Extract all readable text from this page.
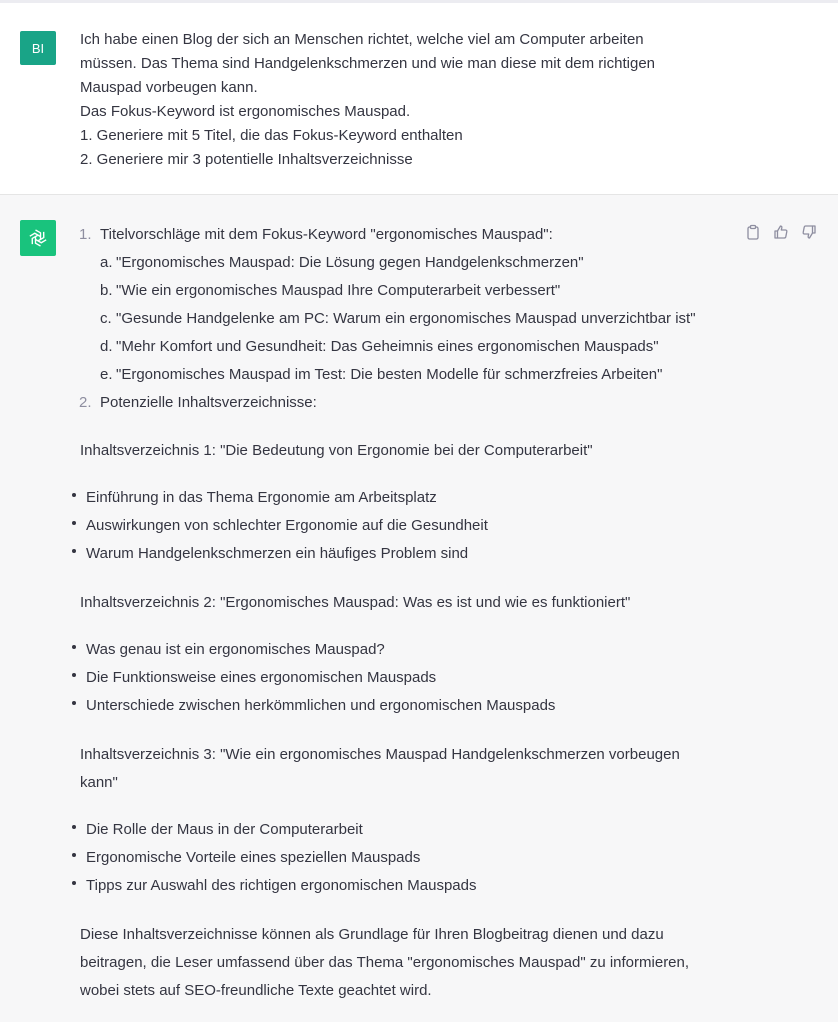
BI Ich habe einen Blog der sich an Menschen richtet, welche viel am Computer arbeiten
müssen. Das Thema sind Handgelenkschmerzen und wie man diese mit dem richtigen
Mauspad vorbeugen kann.
Das Fokus-Keyword ist ergonomisches Mauspad.
1. Generiere mit 5 Titel, die das Fokus-Keyword enthalten
2. Generiere mir 3 potentielle Inhaltsverzeichnisse
1. Titelvorschläge mit dem Fokus-Keyword "ergonomisches Mauspad":
a. "Ergonomisches Mauspad: Die Lösung gegen Handgelenkschmerzen"
b. "Wie ein ergonomisches Mauspad Ihre Computerarbeit verbessert"
c. "Gesunde Handgelenke am PC: Warum ein ergonomisches Mauspad unverzichtbar ist"
d. "Mehr Komfort und Gesundheit: Das Geheimnis eines ergonomischen Mauspads"
e. "Ergonomisches Mauspad im Test: Die besten Modelle für schmerzfreies Arbeiten"
2. Potenzielle Inhaltsverzeichnisse:
Inhaltsverzeichnis 1: "Die Bedeutung von Ergonomie bei der Computerarbeit"
Einführung in das Thema Ergonomie am Arbeitsplatz
Auswirkungen von schlechter Ergonomie auf die Gesundheit
Warum Handgelenkschmerzen ein häufiges Problem sind
Inhaltsverzeichnis 2: "Ergonomisches Mauspad: Was es ist und wie es funktioniert"
Was genau ist ein ergonomisches Mauspad?
Die Funktionsweise eines ergonomischen Mauspads
Unterschiede zwischen herkömmlichen und ergonomischen Mauspads
Inhaltsverzeichnis 3: "Wie ein ergonomisches Mauspad Handgelenkschmerzen vorbeugen
kann"
Die Rolle der Maus in der Computerarbeit
Ergonomische Vorteile eines speziellen Mauspads
Tipps zur Auswahl des richtigen ergonomischen Mauspads
Diese Inhaltsverzeichnisse können als Grundlage für Ihren Blogbeitrag dienen und dazu
beitragen, die Leser umfassend über das Thema "ergonomisches Mauspad" zu informieren,
wobei stets auf SEO-freundliche Texte geachtet wird.
